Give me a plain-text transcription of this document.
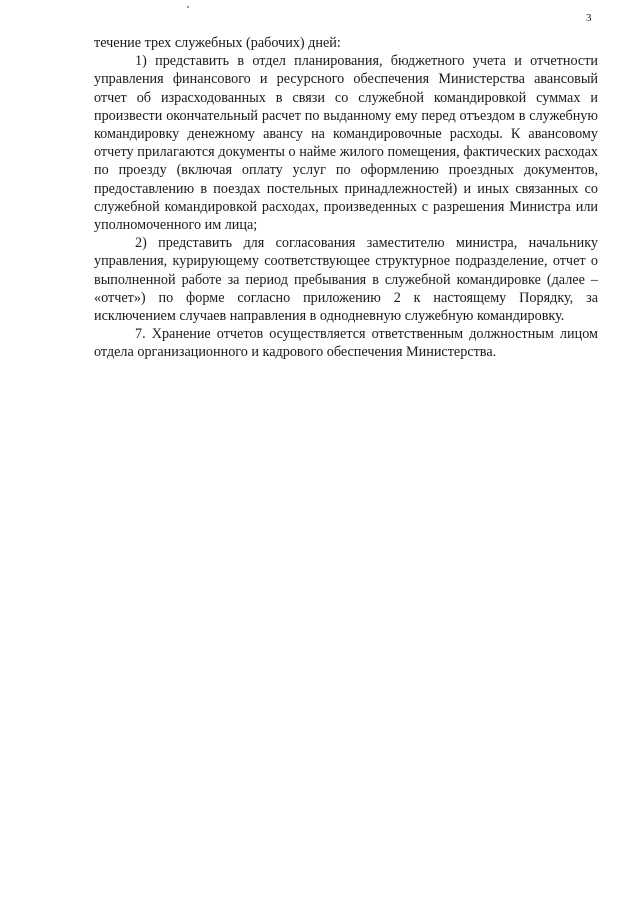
3

течение трех служебных (рабочих) дней:

1) представить в отдел планирования, бюджетного учета и отчетности управления финансового и ресурсного обеспечения Министерства авансовый отчет об израсходованных в связи со служебной командировкой суммах и произвести окончательный расчет по выданному ему перед отъездом в служебную командировку денежному авансу на командировочные расходы. К авансовому отчету прилагаются документы о найме жилого помещения, фактических расходах по проезду (включая оплату услуг по оформлению проездных документов, предоставлению в поездах постельных принадлежностей) и иных связанных со служебной командировкой расходах, произведенных с разрешения Министра или уполномоченного им лица;

2) представить для согласования заместителю министра, начальнику управления, курирующему соответствующее структурное подразделение, отчет о выполненной работе за период пребывания в служебной командировке (далее – «отчет») по форме согласно приложению 2 к настоящему Порядку, за исключением случаев направления в однодневную служебную командировку.

7. Хранение отчетов осуществляется ответственным должностным лицом отдела организационного и кадрового обеспечения Министерства.
